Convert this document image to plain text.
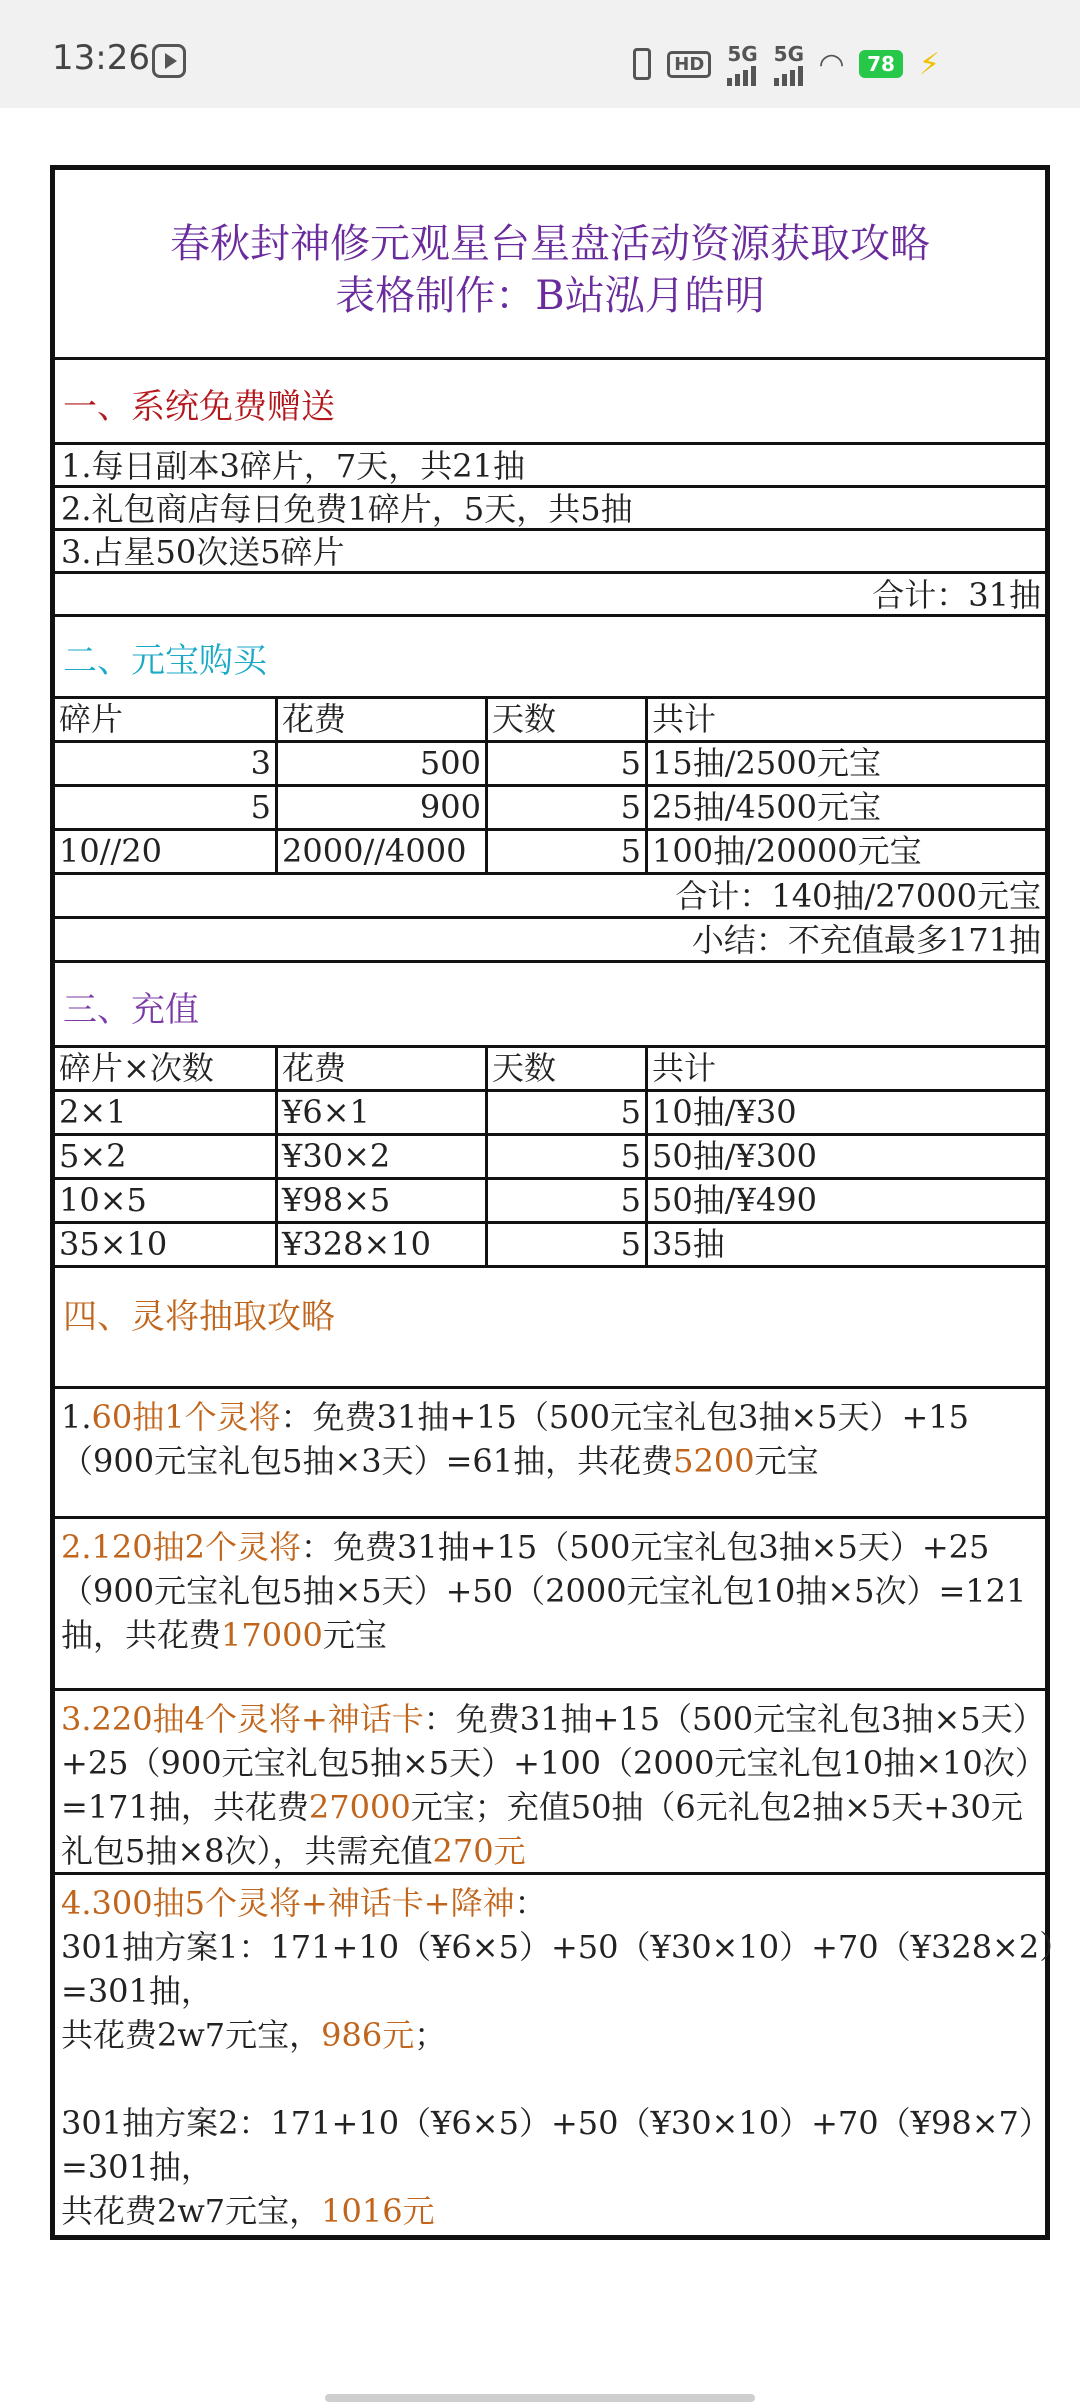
13:26	HD	5G 5G ◠	78 ⚡
春秋封神修元观星台星盘活动资源获取攻略
表格制作：B站泓月皓明
一、系统免费赠送
1.每日副本3碎片，7天，共21抽
2.礼包商店每日免费1碎片，5天，共5抽
3.占星50次送5碎片
合计：31抽
二、元宝购买
碎片	花费	天数	共计
3	500	5 15抽/2500元宝
5	900	5 25抽/4500元宝
10//20	2000//4000	5 100抽/20000元宝
合计：140抽/27000元宝
小结：不充值最多171抽
三、充值
碎片×次数	花费	天数	共计
2×1	¥6×1	5 10抽/¥30
5×2	¥30×2	5 50抽/¥300
10×5	¥98×5	5 50抽/¥490
35×10	¥328×10	5 35抽
四、灵将抽取攻略
1.60抽1个灵将：免费31抽+15（500元宝礼包3抽×5天）+15（900元宝礼包5抽×3天）=61抽，共花费5200元宝
2.120抽2个灵将：免费31抽+15（500元宝礼包3抽×5天）+25（900元宝礼包5抽×5天）+50（2000元宝礼包10抽×5次）=121抽，共花费17000元宝
3.220抽4个灵将+神话卡：免费31抽+15（500元宝礼包3抽×5天）+25（900元宝礼包5抽×5天）+100（2000元宝礼包10抽×10次）=171抽，共花费27000元宝；充值50抽（6元礼包2抽×5天+30元礼包5抽×8次），共需充值270元
4.300抽5个灵将+神话卡+降神：
301抽方案1：171+10（¥6×5）+50（¥30×10）+70（¥328×2）
=301抽，
共花费2w7元宝，986元；
301抽方案2：171+10（¥6×5）+50（¥30×10）+70（¥98×7）
=301抽，
共花费2w7元宝，1016元
